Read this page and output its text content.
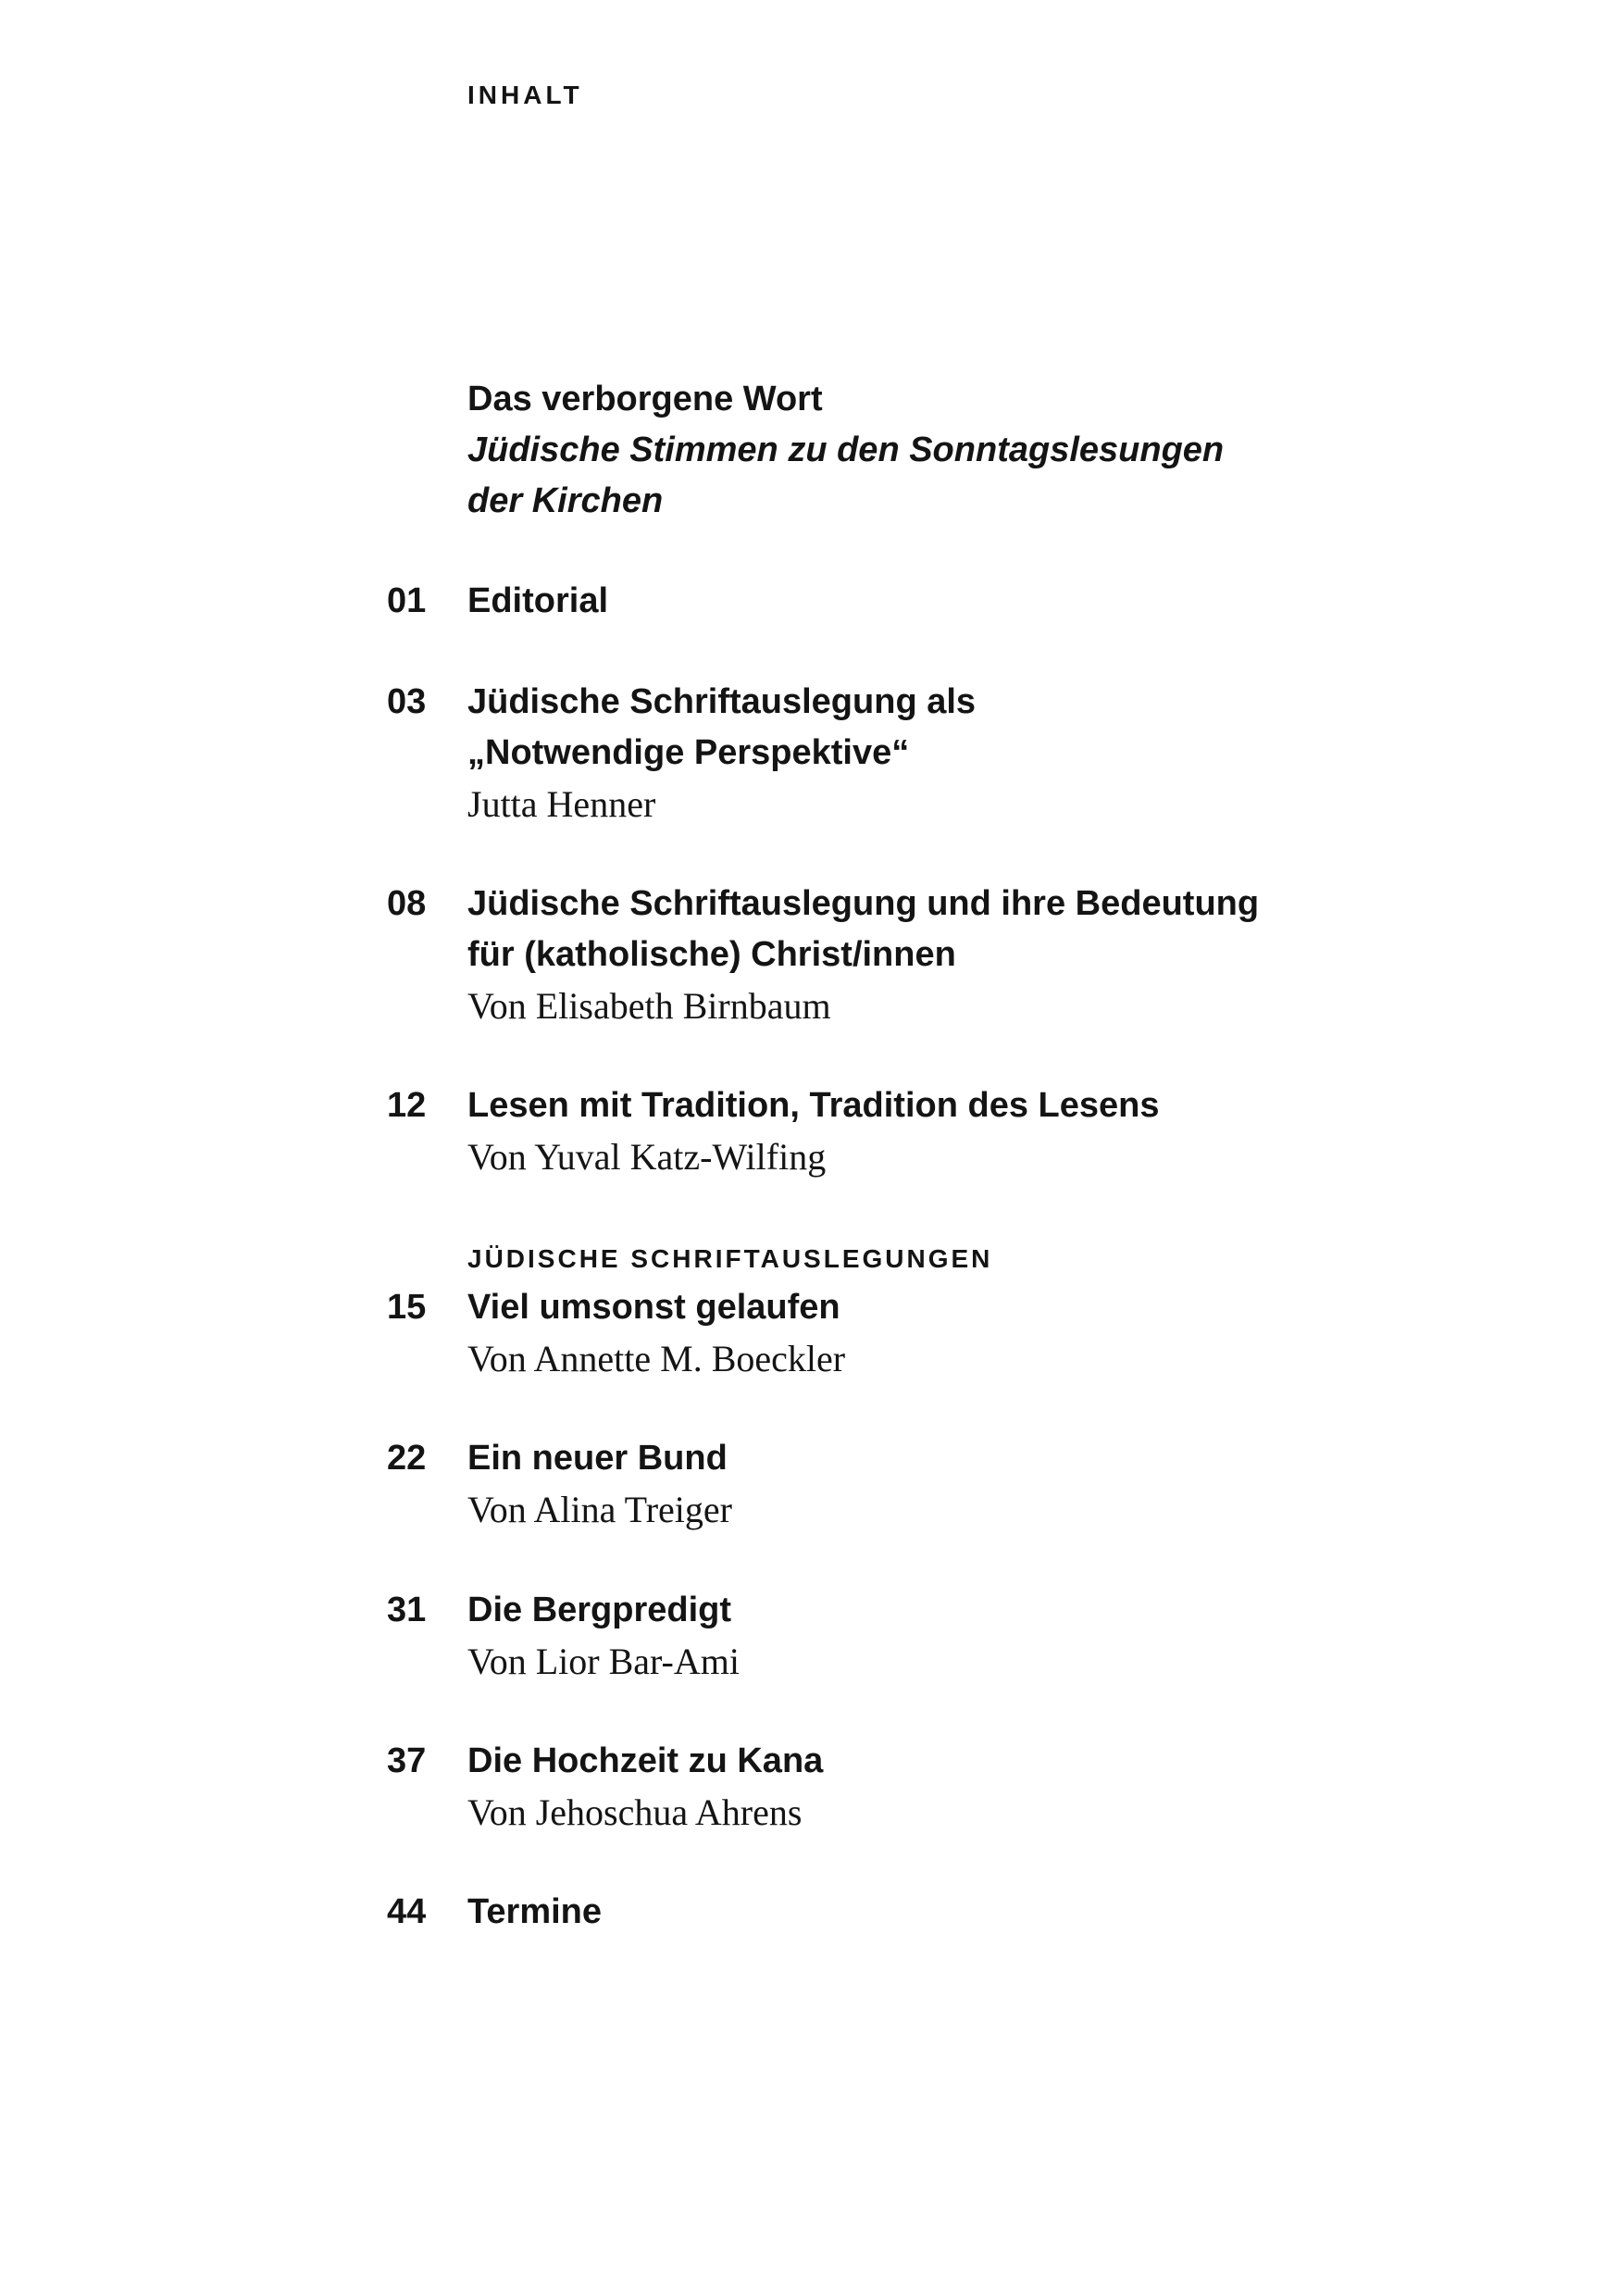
INHALT
Das verborgene Wort
Jüdische Stimmen zu den Sonntagslesungen
der Kirchen
01 Editorial
03 Jüdische Schriftauslegung als
„Notwendige Perspektive“
Jutta Henner
08 Jüdische Schriftauslegung und ihre Bedeutung
für (katholische) Christ/innen
Von Elisabeth Birnbaum
12 Lesen mit Tradition, Tradition des Lesens
Von Yuval Katz-Wilfing
JÜDISCHE SCHRIFTAUSLEGUNGEN
15 Viel umsonst gelaufen
Von Annette M. Boeckler
22 Ein neuer Bund
Von Alina Treiger
31 Die Bergpredigt
Von Lior Bar-Ami
37 Die Hochzeit zu Kana
Von Jehoschua Ahrens
44 Termine
